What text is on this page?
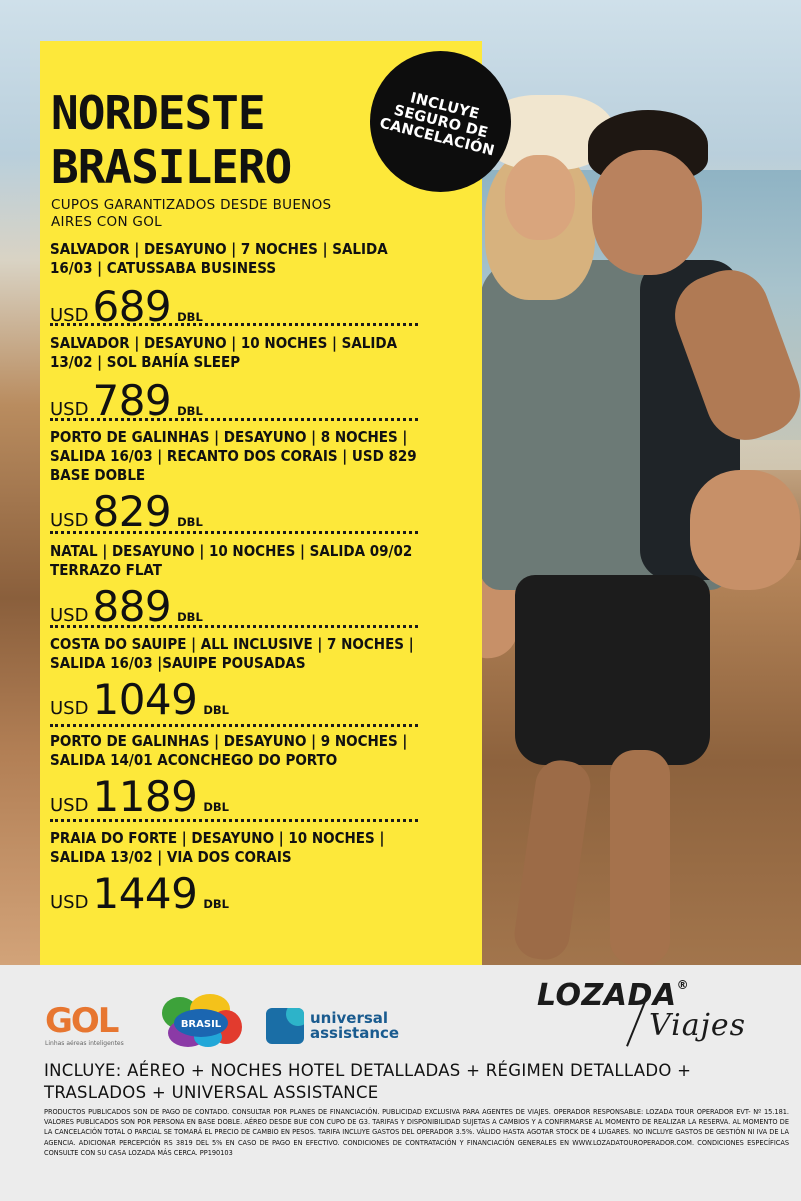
NORDESTE
BRASILERO
CUPOS GARANTIZADOS DESDE BUENOS AIRES CON GOL
SALVADOR | DESAYUNO | 7 NOCHES | SALIDA 16/03 | CATUSSABA BUSINESS
USD689 DBL
SALVADOR | DESAYUNO | 10 NOCHES | SALIDA 13/02 | SOL BAHÍA SLEEP
USD789 DBL
PORTO DE GALINHAS | DESAYUNO | 8 NOCHES | SALIDA 16/03 | RECANTO DOS CORAIS | USD 829 BASE DOBLE
USD829 DBL
NATAL | DESAYUNO | 10 NOCHES | SALIDA 09/02 TERRAZO FLAT
USD889 DBL
COSTA DO SAUIPE | ALL INCLUSIVE | 7 NOCHES | SALIDA 16/03 |SAUIPE POUSADAS
USD1049 DBL
PORTO DE GALINHAS | DESAYUNO | 9 NOCHES | SALIDA 14/01 ACONCHEGO DO PORTO
USD1189 DBL
PRAIA DO FORTE | DESAYUNO | 10 NOCHES | SALIDA 13/02 | VIA DOS CORAIS
USD1449 DBL
INCLUYE
SEGURO DE
CANCELACIÓN
GOL
Linhas aéreas inteligentes
BRASIL	universal
assistance
LOZADA®
Viajes
INCLUYE: AÉREO + NOCHES HOTEL DETALLADAS + RÉGIMEN DETALLADO + TRASLADOS + UNIVERSAL ASSISTANCE
PRODUCTOS PUBLICADOS SON DE PAGO DE CONTADO. CONSULTAR POR PLANES DE FINANCIACIÓN. PUBLICIDAD EXCLUSIVA PARA AGENTES DE VIAJES. OPERADOR RESPONSABLE: LOZADA TOUR OPERADOR EVT- Nº 15.181. VALORES PUBLICADOS SON POR PERSONA EN BASE DOBLE. AÉREO DESDE BUE CON CUPO DE G3. TARIFAS Y DISPONIBILIDAD SUJETAS A CAMBIOS Y A CONFIRMARSE AL MOMENTO DE REALIZAR LA RESERVA. AL MOMENTO DE LA CANCELACIÓN TOTAL O PARCIAL SE TOMARÁ EL PRECIO DE CAMBIO EN PESOS. TARIFA INCLUYE GASTOS DEL OPERADOR 3.5%. VÁLIDO HASTA AGOTAR STOCK DE 4 LUGARES. NO INCLUYE GASTOS DE GESTIÓN NI IVA DE LA AGENCIA. ADICIONAR PERCEPCIÓN RS 3819 DEL 5% EN CASO DE PAGO EN EFECTIVO. CONDICIONES DE CONTRATACIÓN Y FINANCIACIÓN GENERALES EN WWW.LOZADATOUROPERADOR.COM. CONDICIONES ESPECÍFICAS CONSULTE CON SU CASA LOZADA MÁS CERCA. PP190103
